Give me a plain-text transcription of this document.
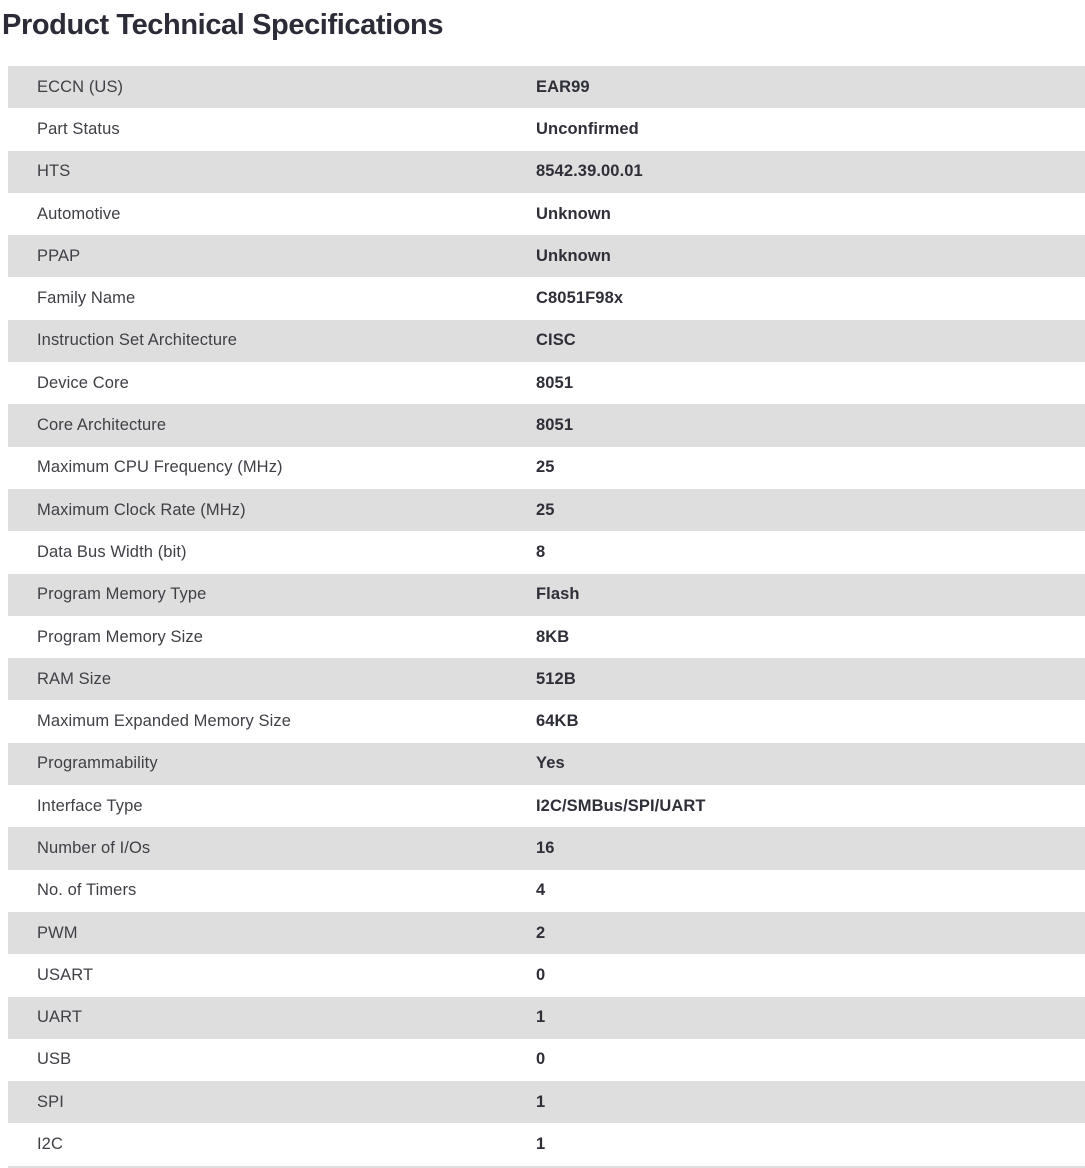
Product Technical Specifications
ECCN (US)	EAR99
Part Status	Unconfirmed
HTS	8542.39.00.01
Automotive	Unknown
PPAP	Unknown
Family Name	C8051F98x
Instruction Set Architecture	CISC
Device Core	8051
Core Architecture	8051
Maximum CPU Frequency (MHz)	25
Maximum Clock Rate (MHz)	25
Data Bus Width (bit)	8
Program Memory Type	Flash
Program Memory Size	8KB
RAM Size	512B
Maximum Expanded Memory Size	64KB
Programmability	Yes
Interface Type	I2C/SMBus/SPI/UART
Number of I/Os	16
No. of Timers	4
PWM	2
USART	0
UART	1
USB	0
SPI	1
I2C	1
